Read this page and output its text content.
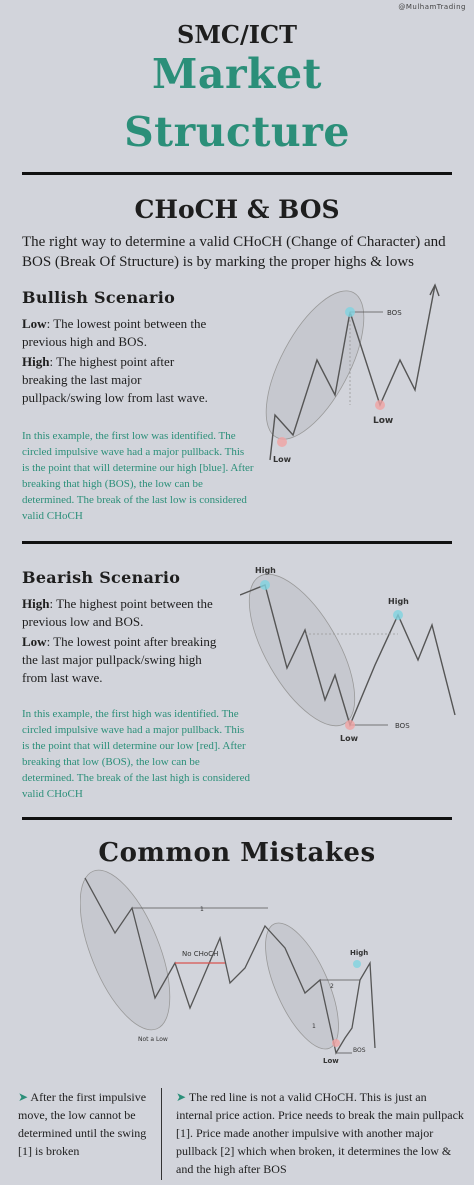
@MulhamTrading
SMC/ICT
Market
Structure
CHoCH & BOS
The right way to determine a valid CHoCH (Change of Character) and BOS (Break Of Structure) is by marking the proper highs & lows
Bullish Scenario
Low: The lowest point between the previous high and BOS.
High: The highest point after breaking the last major pullpack/swing low from last wave.
In this example, the first low was identified. The circled impulsive wave had a major pullback. This is the point that will determine our high [blue]. After breaking that high (BOS), the low can be determined. The break of the last low is considered valid CHoCH
BOS
Low
Low
Bearish Scenario
High: The highest point between the previous low and BOS.
Low: The lowest point after breaking the last major pullpack/swing high from last wave.
In this example, the first high was identified. The circled impulsive wave had a major pullback. This is the point that will determine our low [red]. After breaking that low (BOS), the low can be determined. The break of the last high is considered valid CHoCH
High
High
Low
BOS
Common Mistakes
1
No CHoCH
Not a Low
2
1
High
Low
BOS
➤ After the first impulsive move, the low cannot be determined until the swing [1] is broken
➤ The red line is not a valid CHoCH. This is just an internal price action. Price needs to break the main pullpack [1]. Price made another impulsive with another major pullback [2] which when broken, it determines the low & and the high after BOS
